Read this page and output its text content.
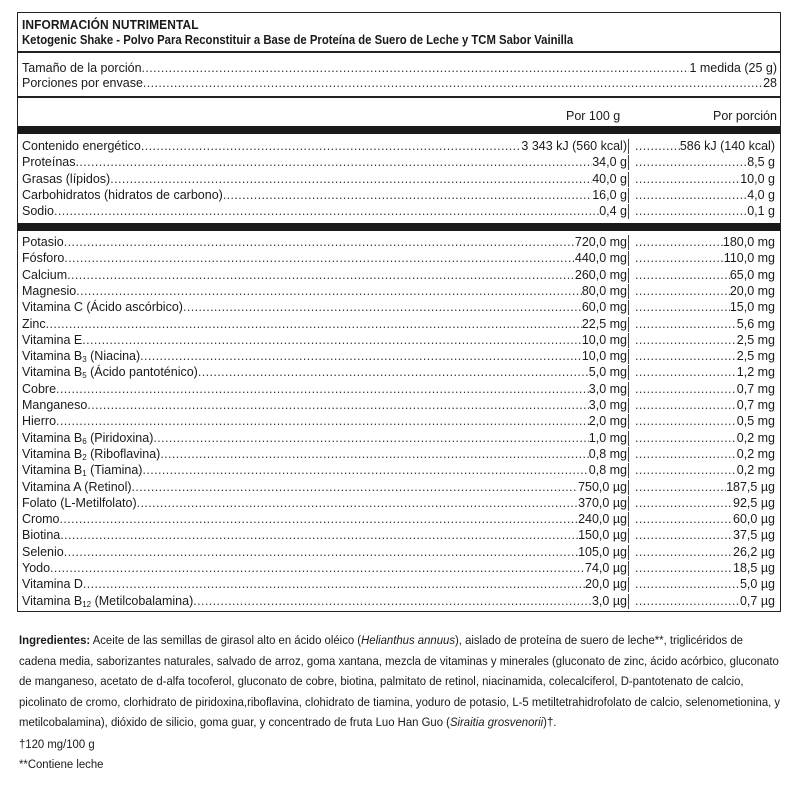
INFORMACIÓN NUTRIMENTAL
Ketogenic Shake - Polvo Para Reconstituir a Base de Proteína de Suero de Leche y TCM Sabor Vainilla
Tamaño de la porción .....	1 medida (25 g)
Porciones por envase .....	28
Por 100 g	Por porción
Contenido energético .....	3 343 kJ (560 kcal) .....	586 kJ (140 kcal)
Proteínas .....	34,0 g .....	8,5 g
Grasas (lípidos) .....	40,0 g .....	10,0 g
Carbohidratos (hidratos de carbono) .....	16,0 g .....	4,0 g
Sodio .....	0,4 g .....	0,1 g
Potasio .....	720,0 mg .....	180,0 mg
Fósforo .....	440,0 mg .....	110,0 mg
Calcium .....	260,0 mg .....	65,0 mg
Magnesio .....	80,0 mg .....	20,0 mg
Vitamina C (Ácido ascórbico) .....	60,0 mg .....	15,0 mg
Zinc .....	22,5 mg .....	5,6 mg
Vitamina E .....	10,0 mg .....	2,5 mg
Vitamina $B_3$ (Niacina) .....	10,0 mg .....	2,5 mg
Vitamina $B_5$ (Ácido pantoténico) .....	5,0 mg .....	1,2 mg
Cobre .....	3,0 mg .....	0,7 mg
Manganeso .....	3,0 mg .....	0,7 mg
Hierro .....	2,0 mg .....	0,5 mg
Vitamina $B_6$ (Piridoxina) .....	1,0 mg .....	0,2 mg
Vitamina $B_2$ (Riboflavina) .....	0,8 mg .....	0,2 mg
Vitamina $B_1$ (Tiamina) .....	0,8 mg .....	0,2 mg
Vitamina A (Retinol) .....	750,0 µg .....	187,5 µg
Folato (L-Metilfolato) .....	370,0 µg .....	92,5 µg
Cromo .....	240,0 µg .....	60,0 µg
Biotina .....	150,0 µg .....	37,5 µg
Selenio .....	105,0 µg .....	26,2 µg
Yodo .....	74,0 µg .....	18,5 µg
Vitamina D .....	20,0 µg .....	5,0 µg
Vitamina $B_{12}$ (Metilcobalamina) .....	3,0 µg .....	0,7 µg
Ingredientes: Aceite de las semillas de girasol alto en ácido oléico (Helianthus annuus), aislado de proteína de suero de leche**, triglicéridos de cadena media, saborizantes naturales, salvado de arroz, goma xantana, mezcla de vitaminas y minerales (gluconato de zinc, ácido acórbico, gluconato de manganeso, acetato de d-alfa tocoferol, gluconato de cobre, biotina, palmitato de retinol, niacinamida, colecalciferol, D-pantotenato de calcio, picolinato de cromo, clorhidrato de piridoxina,riboflavina, clohidrato de tiamina, yoduro de potasio, L-5 metiltetrahidrofolato de calcio, selenometionina, y metilcobalamina), dióxido de silicio, goma guar, y concentrado de fruta Luo Han Guo (Siraitia grosvenorii)†.
†120 mg/100 g
**Contiene leche
